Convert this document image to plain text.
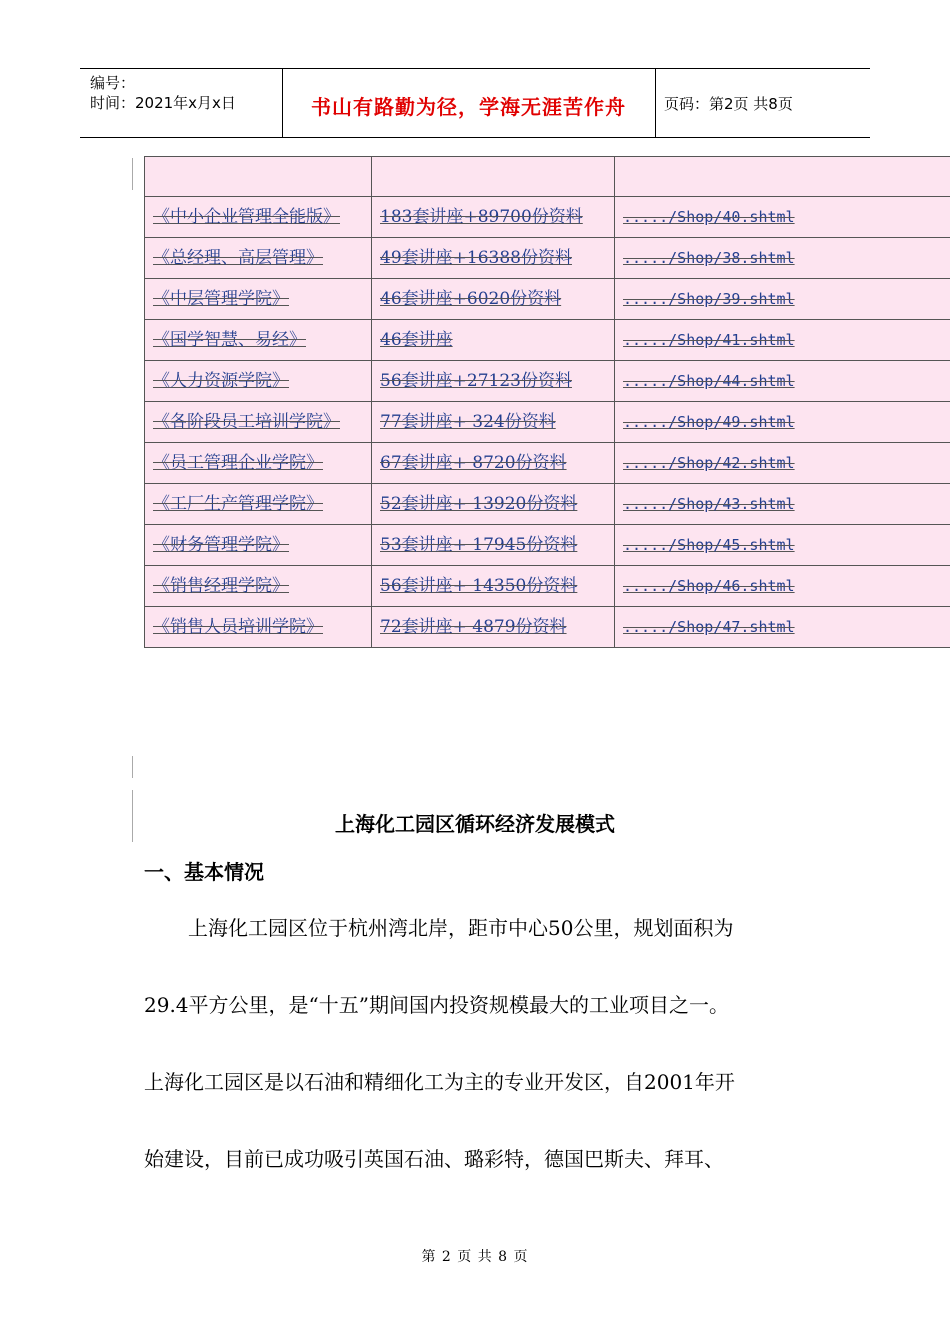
编号：
时间：2021年x月x日	书山有路勤为径，学海无涯苦作舟	页码：第2页 共8页

《中小企业管理全能版》	183套讲座+89700份资料	...../Shop/40.shtml
《总经理、高层管理》	49套讲座+16388份资料	...../Shop/38.shtml
《中层管理学院》	46套讲座+6020份资料	...../Shop/39.shtml
《国学智慧、易经》	46套讲座	...../Shop/41.shtml
《人力资源学院》	56套讲座+27123份资料	...../Shop/44.shtml
《各阶段员工培训学院》	77套讲座+ 324份资料	...../Shop/49.shtml
《员工管理企业学院》	67套讲座+ 8720份资料	...../Shop/42.shtml
《工厂生产管理学院》	52套讲座+ 13920份资料	...../Shop/43.shtml
《财务管理学院》	53套讲座+ 17945份资料	...../Shop/45.shtml
《销售经理学院》	56套讲座+ 14350份资料	...../Shop/46.shtml
《销售人员培训学院》	72套讲座+ 4879份资料	...../Shop/47.shtml
上海化工园区循环经济发展模式
一、基本情况

上海化工园区位于杭州湾北岸，距市中心50公里，规划面积为
29.4平方公里，是“十五”期间国内投资规模最大的工业项目之一。
上海化工园区是以石油和精细化工为主的专业开发区，自2001年开
始建设，目前已成功吸引英国石油、璐彩特，德国巴斯夫、拜耳、

第 2 页 共 8 页
